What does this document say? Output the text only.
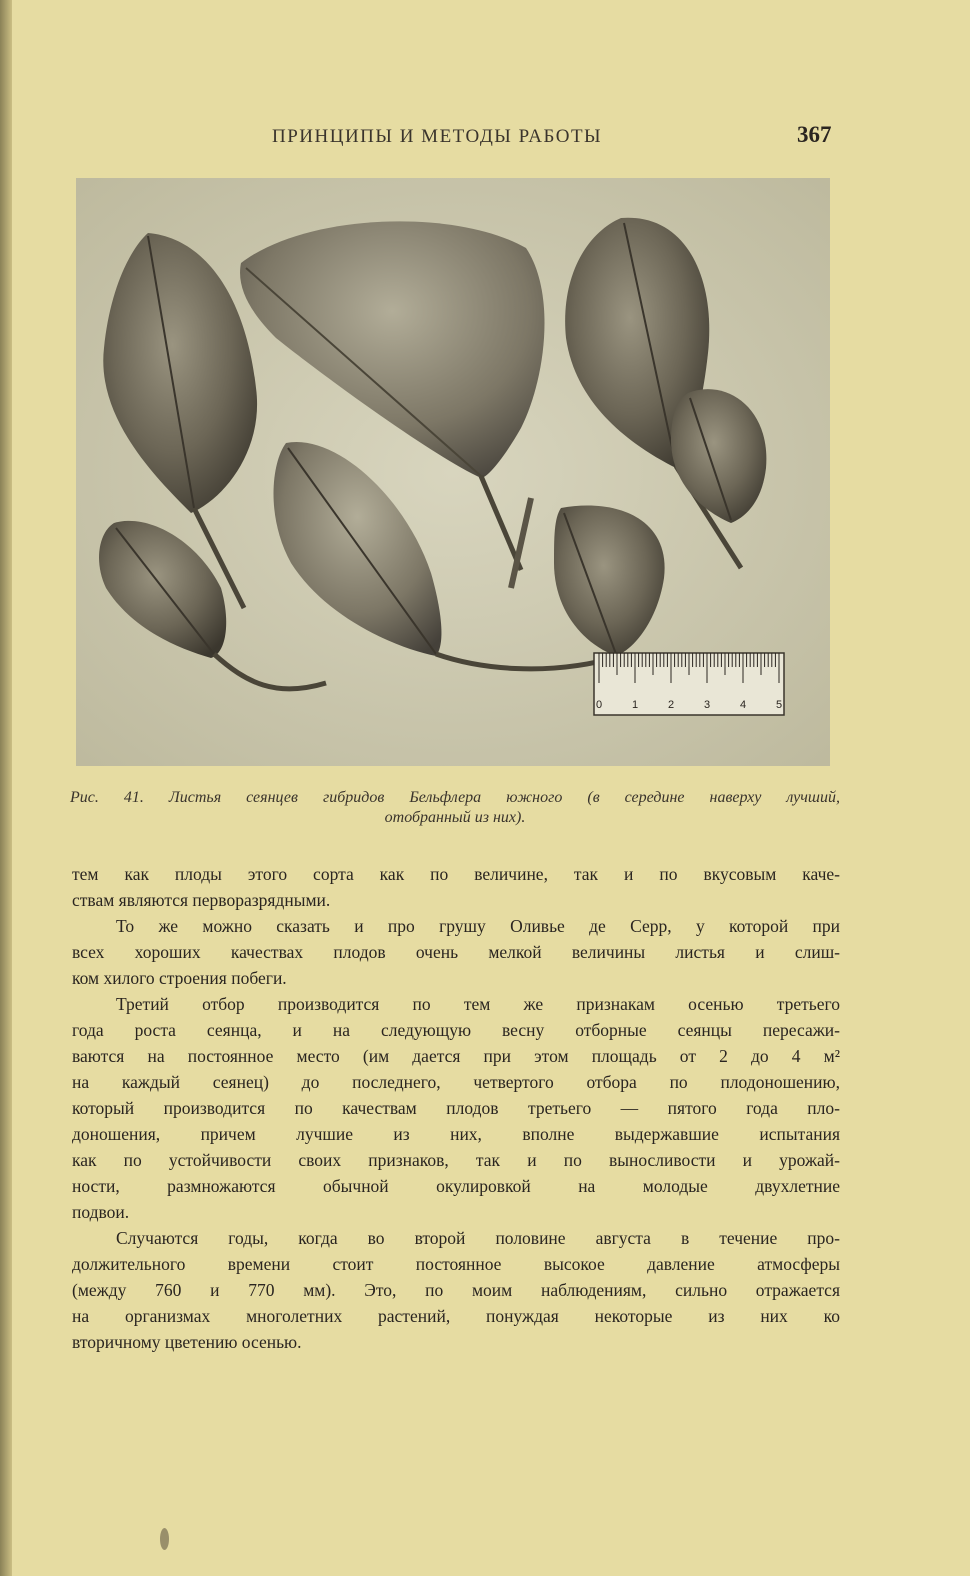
ПРИНЦИПЫ И МЕТОДЫ РАБОТЫ	367
0	1	2	3	4	5
Рис. 41. Листья сеянцев гибридов Бельфлера южного (в середине наверху лучший,
отобранный из них).

тем как плоды этого сорта как по величине, так и по вкусовым каче-
ствам являются перворазрядными.

То же можно сказать и про грушу Оливье де Серр, у которой при
всех хороших качествах плодов очень мелкой величины листья и слиш-
ком хилого строения побеги.

Третий отбор производится по тем же признакам осенью третьего
года роста сеянца, и на следующую весну отборные сеянцы пересажи-
ваются на постоянное место (им дается при этом площадь от 2 до 4 м²
на каждый сеянец) до последнего, четвертого отбора по плодоношению,
который производится по качествам плодов третьего — пятого года пло-
доношения, причем лучшие из них, вполне выдержавшие испытания
как по устойчивости своих признаков, так и по выносливости и урожай-
ности, размножаются обычной окулировкой на молодые двухлетние
подвои.

Случаются годы, когда во второй половине августа в течение про-
должительного времени стоит постоянное высокое давление атмосферы
(между 760 и 770 мм). Это, по моим наблюдениям, сильно отражается
на организмах многолетних растений, понуждая некоторые из них ко
вторичному цветению осенью.
